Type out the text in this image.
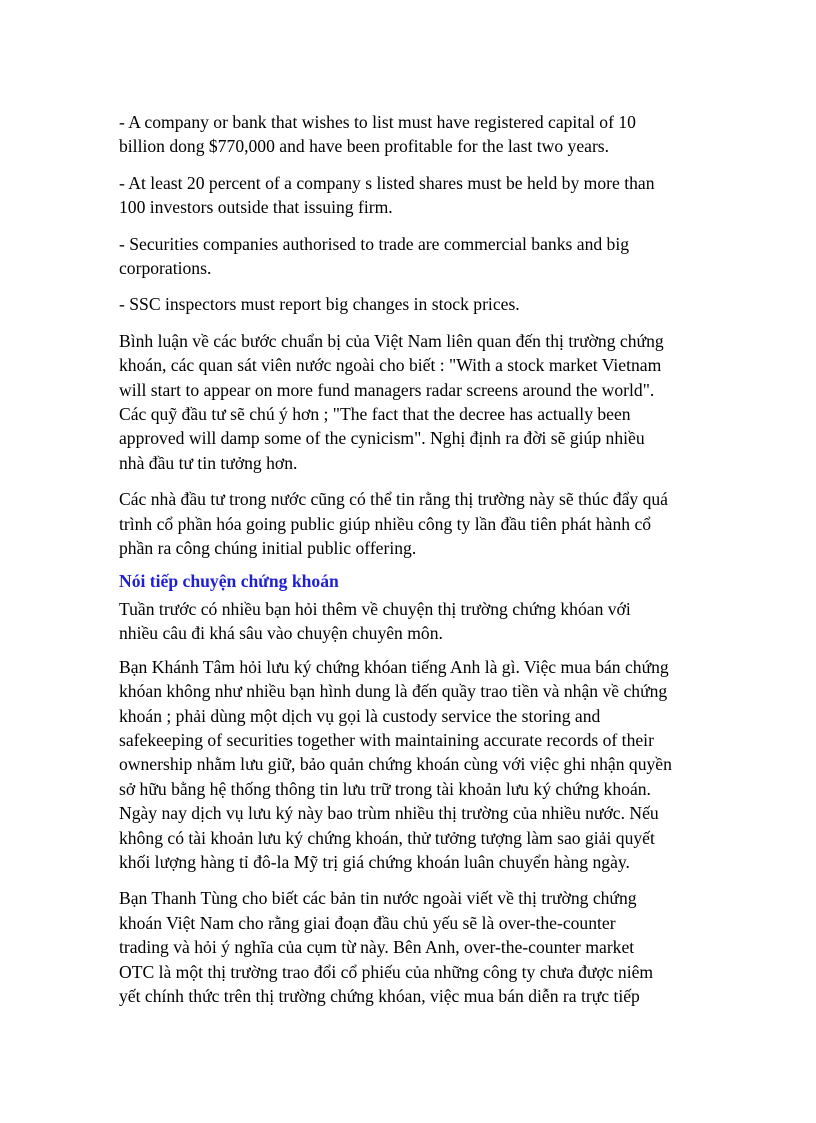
- A company or bank that wishes to list must have registered capital of 10
billion dong $770,000 and have been profitable for the last two years.

- At least 20 percent of a company s listed shares must be held by more than
100 investors outside that issuing firm.

- Securities companies authorised to trade are commercial banks and big
corporations.

- SSC inspectors must report big changes in stock prices.

Bình luận về các bước chuẩn bị của Việt Nam liên quan đến thị trường chứng
khoán, các quan sát viên nước ngoài cho biết : "With a stock market Vietnam
will start to appear on more fund managers radar screens around the world".
Các quỹ đầu tư sẽ chú ý hơn ; "The fact that the decree has actually been
approved will damp some of the cynicism". Nghị định ra đời sẽ giúp nhiều
nhà đầu tư tin tưởng hơn.

Các nhà đầu tư trong nước cũng có thể tin rằng thị trường này sẽ thúc đẩy quá
trình cổ phần hóa going public giúp nhiều công ty lần đầu tiên phát hành cổ
phần ra công chúng initial public offering.

Nói tiếp chuyện chứng khoán

Tuần trước có nhiều bạn hỏi thêm về chuyện thị trường chứng khóan với
nhiều câu đi khá sâu vào chuyện chuyên môn.

Bạn Khánh Tâm hỏi lưu ký chứng khóan tiếng Anh là gì. Việc mua bán chứng
khóan không như nhiều bạn hình dung là đến quầy trao tiền và nhận về chứng
khoán ; phải dùng một dịch vụ gọi là custody service the storing and
safekeeping of securities together with maintaining accurate records of their
ownership nhằm lưu giữ, bảo quản chứng khoán cùng với việc ghi nhận quyền
sở hữu bằng hệ thống thông tin lưu trữ trong tài khoản lưu ký chứng khoán.
Ngày nay dịch vụ lưu ký này bao trùm nhiều thị trường của nhiều nước. Nếu
không có tài khoản lưu ký chứng khoán, thử tưởng tượng làm sao giải quyết
khối lượng hàng tỉ đô-la Mỹ trị giá chứng khoán luân chuyển hàng ngày.

Bạn Thanh Tùng cho biết các bản tin nước ngoài viết về thị trường chứng
khoán Việt Nam cho rằng giai đoạn đầu chủ yếu sẽ là over-the-counter
trading và hỏi ý nghĩa của cụm từ này. Bên Anh, over-the-counter market
OTC là một thị trường trao đổi cổ phiếu của những công ty chưa được niêm
yết chính thức trên thị trường chứng khóan, việc mua bán diễn ra trực tiếp
